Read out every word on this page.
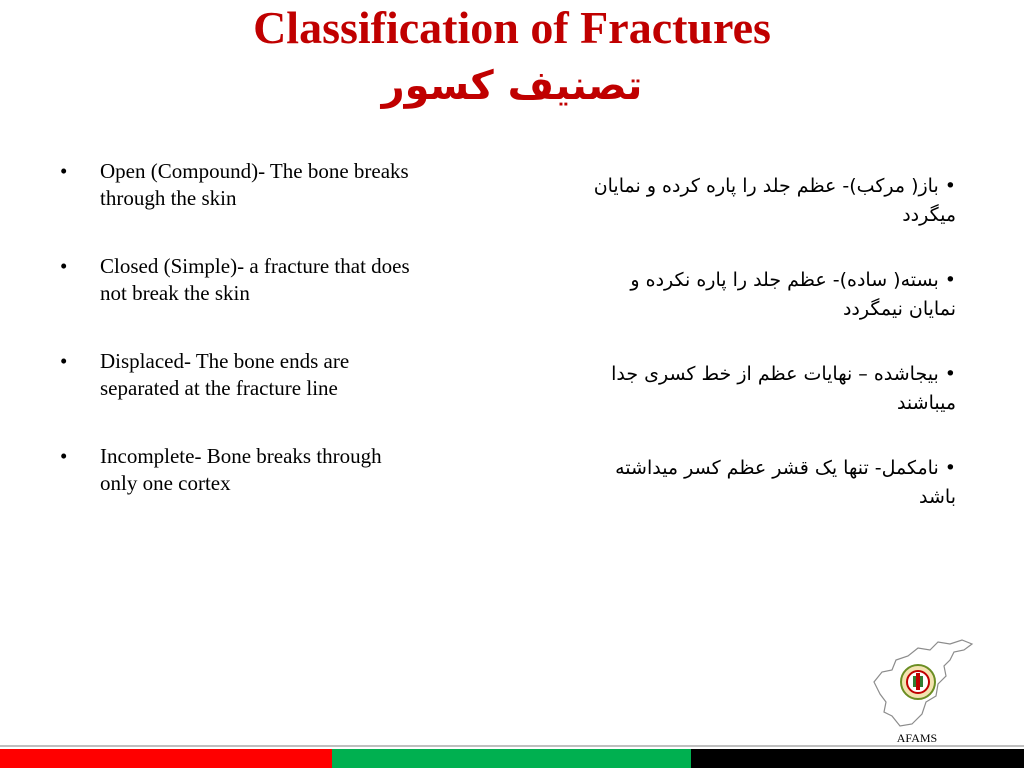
Classification of Fractures
تصنیف کسور
• Open (Compound)- The bone breaks through the skin
• Closed (Simple)- a fracture that does not break the skin
• Displaced- The bone ends are separated at the fracture line
• Incomplete- Bone breaks through only one cortex
• باز( مرکب)- عظم جلد را پاره کرده و نمایان میگردد
• بسته( ساده)- عظم جلد را پاره نکرده و نمایان نیمگردد
• بیجاشده – نهایات عظم از خط کسری جدا میباشند
• نامکمل- تنها یک قشر عظم کسر میداشته باشد
AFAMS
